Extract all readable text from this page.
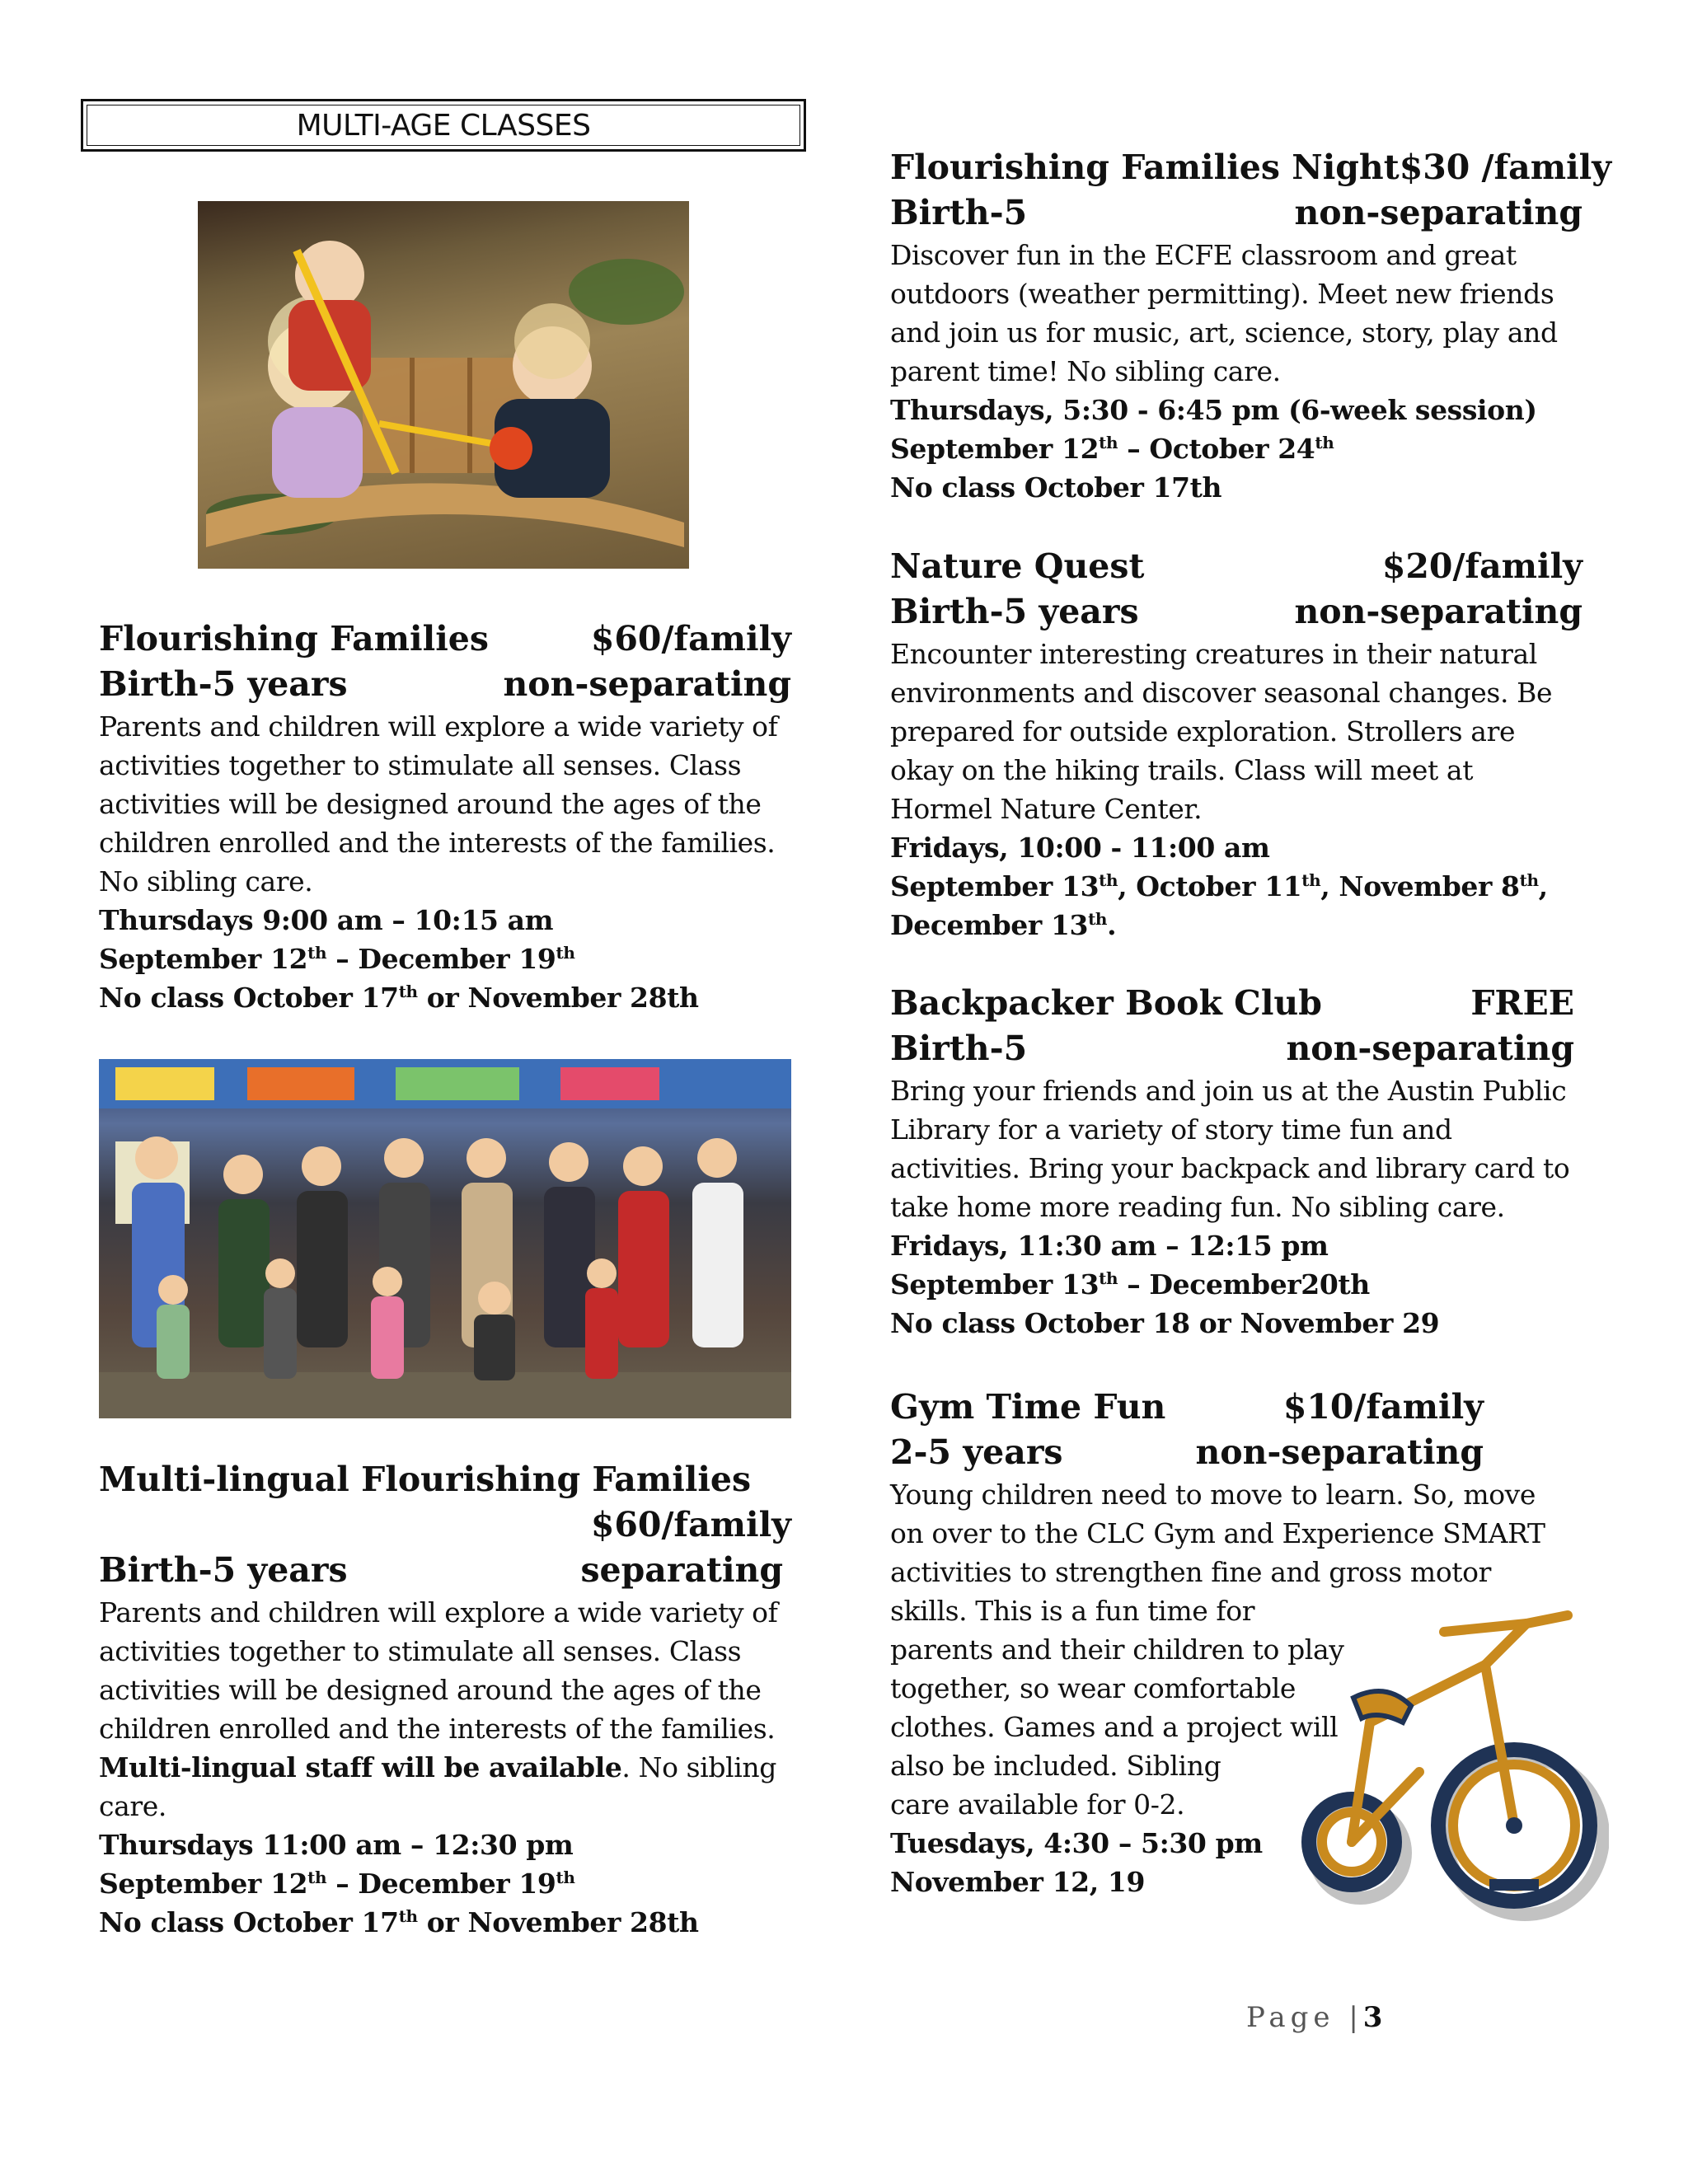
MULTI-AGE CLASSES
Flourishing Families	$60/family
Birth-5 years	non-separating
Parents and children will explore a wide variety of activities together to stimulate all senses. Class activities will be designed around the ages of the children enrolled and the interests of the families. No sibling care.
Thursdays 9:00 am – 10:15 am
September 12th – December 19th
No class October 17th or November 28th
Multi-lingual Flourishing Families
$60/family
Birth-5 years	separating
Parents and children will explore a wide variety of activities together to stimulate all senses. Class activities will be designed around the ages of the children enrolled and the interests of the families. Multi-lingual staff will be available. No sibling care.
Thursdays 11:00 am – 12:30 pm
September 12th – December 19th
No class October 17th or November 28th
Flourishing Families Night $30 /family
Birth-5	non-separating
Discover fun in the ECFE classroom and great outdoors (weather permitting). Meet new friends and join us for music, art, science, story, play and parent time! No sibling care.
Thursdays, 5:30 - 6:45 pm (6-week session)
September 12th – October 24th
No class October 17th
Nature Quest	$20/family
Birth-5 years	non-separating
Encounter interesting creatures in their natural environments and discover seasonal changes. Be prepared for outside exploration. Strollers are okay on the hiking trails. Class will meet at Hormel Nature Center.
Fridays, 10:00 - 11:00 am
September 13th, October 11th, November 8th,
December 13th.
Backpacker Book Club	FREE
Birth-5	non-separating
Bring your friends and join us at the Austin Public Library for a variety of story time fun and activities. Bring your backpack and library card to take home more reading fun. No sibling care.
Fridays, 11:30 am – 12:15 pm
September 13th – December20th
No class October 18 or November 29
Gym Time Fun	$10/family
2-5 years	non-separating
Young children need to move to learn. So, move
on over to the CLC Gym and Experience SMART
activities to strengthen fine and gross motor
skills. This is a fun time for
parents and their children to play
together, so wear comfortable
clothes. Games and a project will
also be included. Sibling
care available for 0-2.
Tuesdays, 4:30 – 5:30 pm
November 12, 19
Page | 3
